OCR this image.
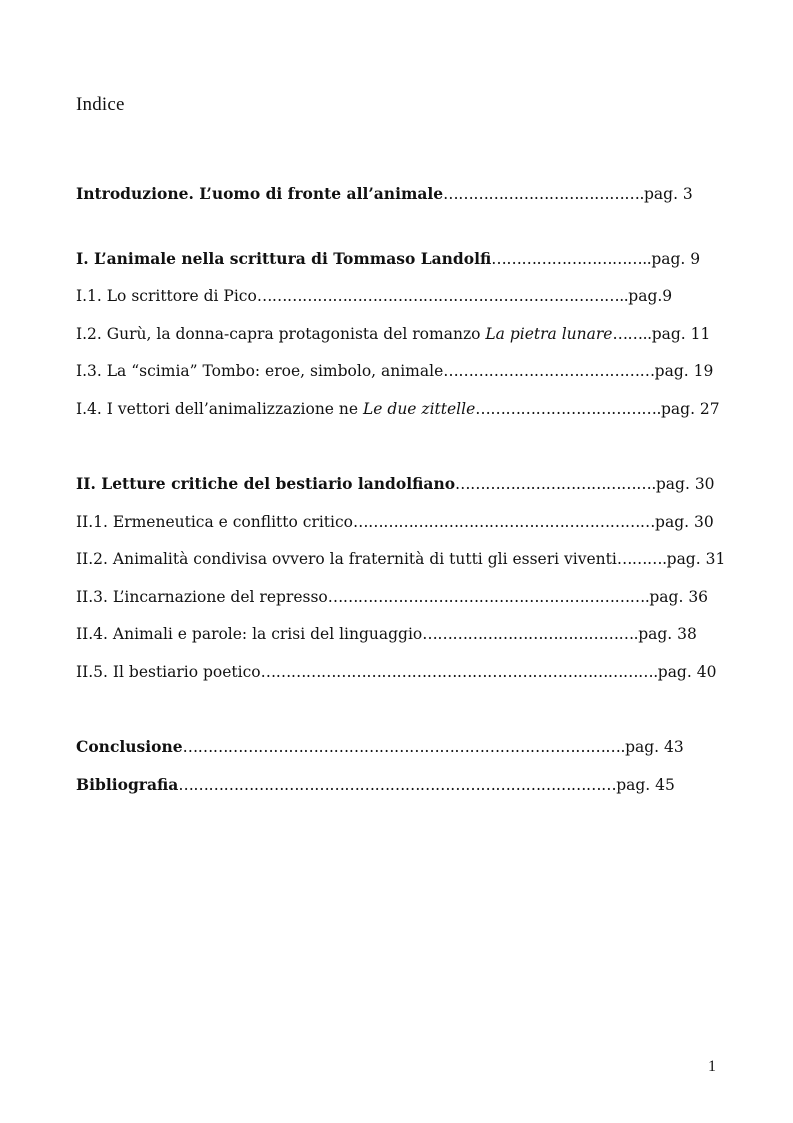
Indice
Introduzione. L’uomo di fronte all’animale………………………………….pag. 3
I. L’animale nella scrittura di Tommaso Landolfi…………………………..pag. 9
I.1. Lo scrittore di Pico………………………………………………………………..pag.9
I.2. Gurù, la donna-capra protagonista del romanzo La pietra lunare……..pag. 11
I.3. La “scimia” Tombo: eroe, simbolo, animale……………………………………pag. 19
I.4. I vettori dell’animalizzazione ne Le due zittelle……………………………….pag. 27
II. Letture critiche del bestiario landolfiano………………………………….pag. 30
II.1. Ermeneutica e conflitto critico……………………………………………………pag. 30
II.2. Animalità condivisa ovvero la fraternità di tutti gli esseri viventi……….pag. 31
II.3. L’incarnazione del represso……………………………………………………….pag. 36
II.4. Animali e parole: la crisi del linguaggio…………………………………….pag. 38
II.5. Il bestiario poetico…………………………………………………………………….pag. 40
Conclusione…………………………………………………………………………….pag. 43
Bibliografia……………………………………………………………………………pag. 45
1
